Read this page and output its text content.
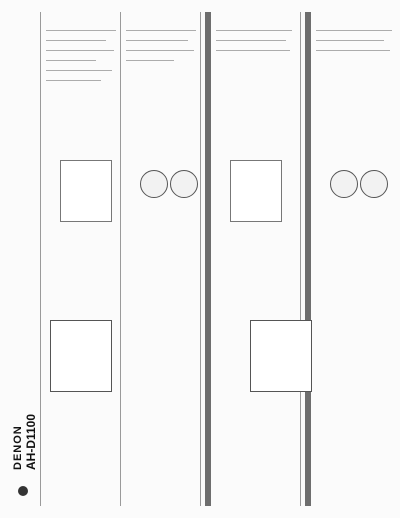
DENON AH-D1100
